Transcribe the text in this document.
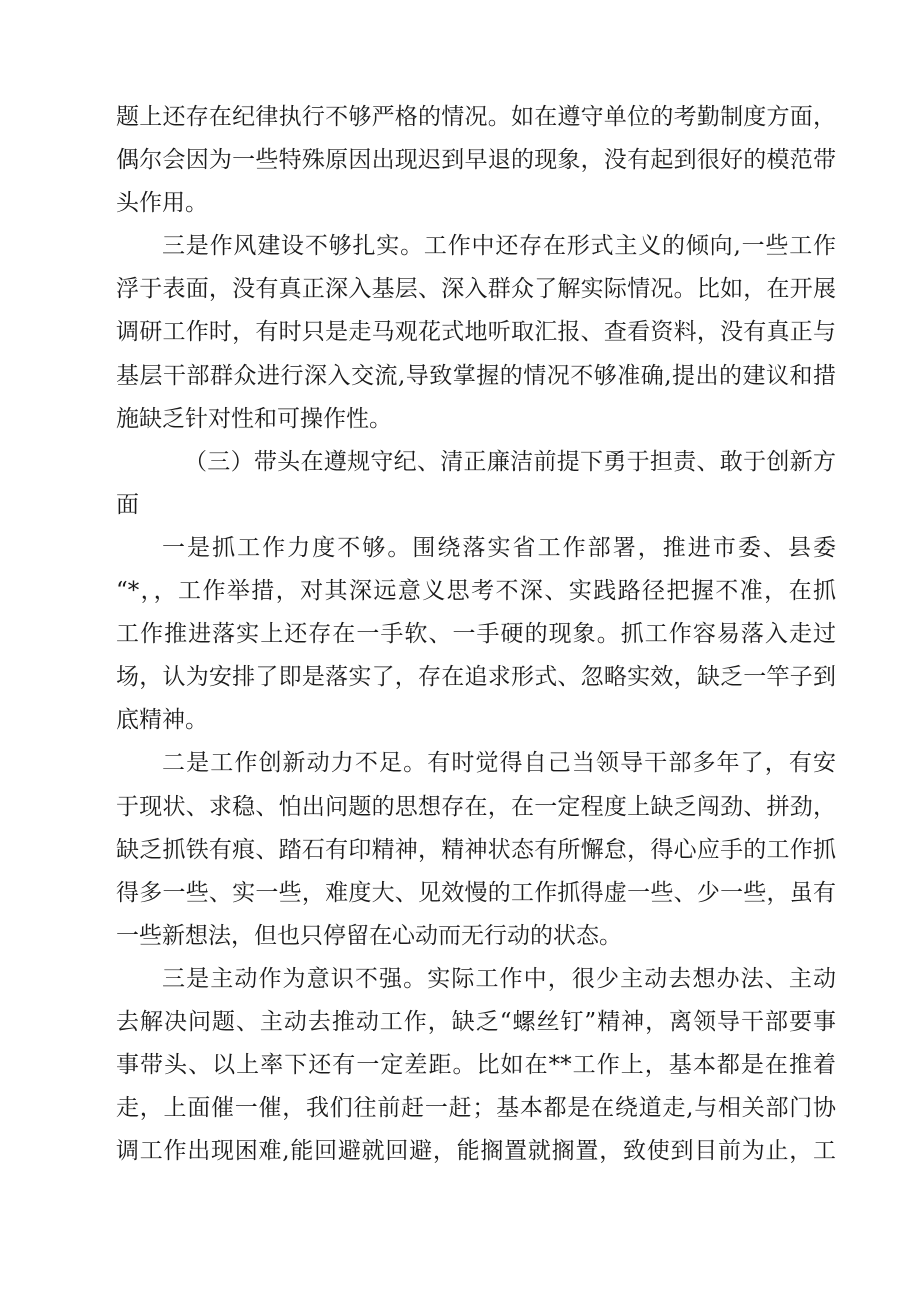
题上还存在纪律执行不够严格的情况。如在遵守单位的考勤制度方面，
偶尔会因为一些特殊原因出现迟到早退的现象，没有起到很好的模范带
头作用。
三是作风建设不够扎实。工作中还存在形式主义的倾向,一些工作
浮于表面，没有真正深入基层、深入群众了解实际情况。比如，在开展
调研工作时，有时只是走马观花式地听取汇报、查看资料，没有真正与
基层干部群众进行深入交流,导致掌握的情况不够准确,提出的建议和措
施缺乏针对性和可操作性。
（三）带头在遵规守纪、清正廉洁前提下勇于担责、敢于创新方
面
一是抓工作力度不够。围绕落实省工作部署，推进市委、县委
“*，，工作举措，对其深远意义思考不深、实践路径把握不准，在抓
工作推进落实上还存在一手软、一手硬的现象。抓工作容易落入走过
场，认为安排了即是落实了，存在追求形式、忽略实效，缺乏一竿子到
底精神。
二是工作创新动力不足。有时觉得自己当领导干部多年了，有安
于现状、求稳、怕出问题的思想存在，在一定程度上缺乏闯劲、拼劲，
缺乏抓铁有痕、踏石有印精神，精神状态有所懈怠，得心应手的工作抓
得多一些、实一些，难度大、见效慢的工作抓得虚一些、少一些，虽有
一些新想法，但也只停留在心动而无行动的状态。
三是主动作为意识不强。实际工作中，很少主动去想办法、主动
去解决问题、主动去推动工作，缺乏“螺丝钉”精神，离领导干部要事
事带头、以上率下还有一定差距。比如在**工作上，基本都是在推着
走，上面催一催，我们往前赶一赶；基本都是在绕道走,与相关部门协
调工作出现困难,能回避就回避，能搁置就搁置，致使到目前为止，工
